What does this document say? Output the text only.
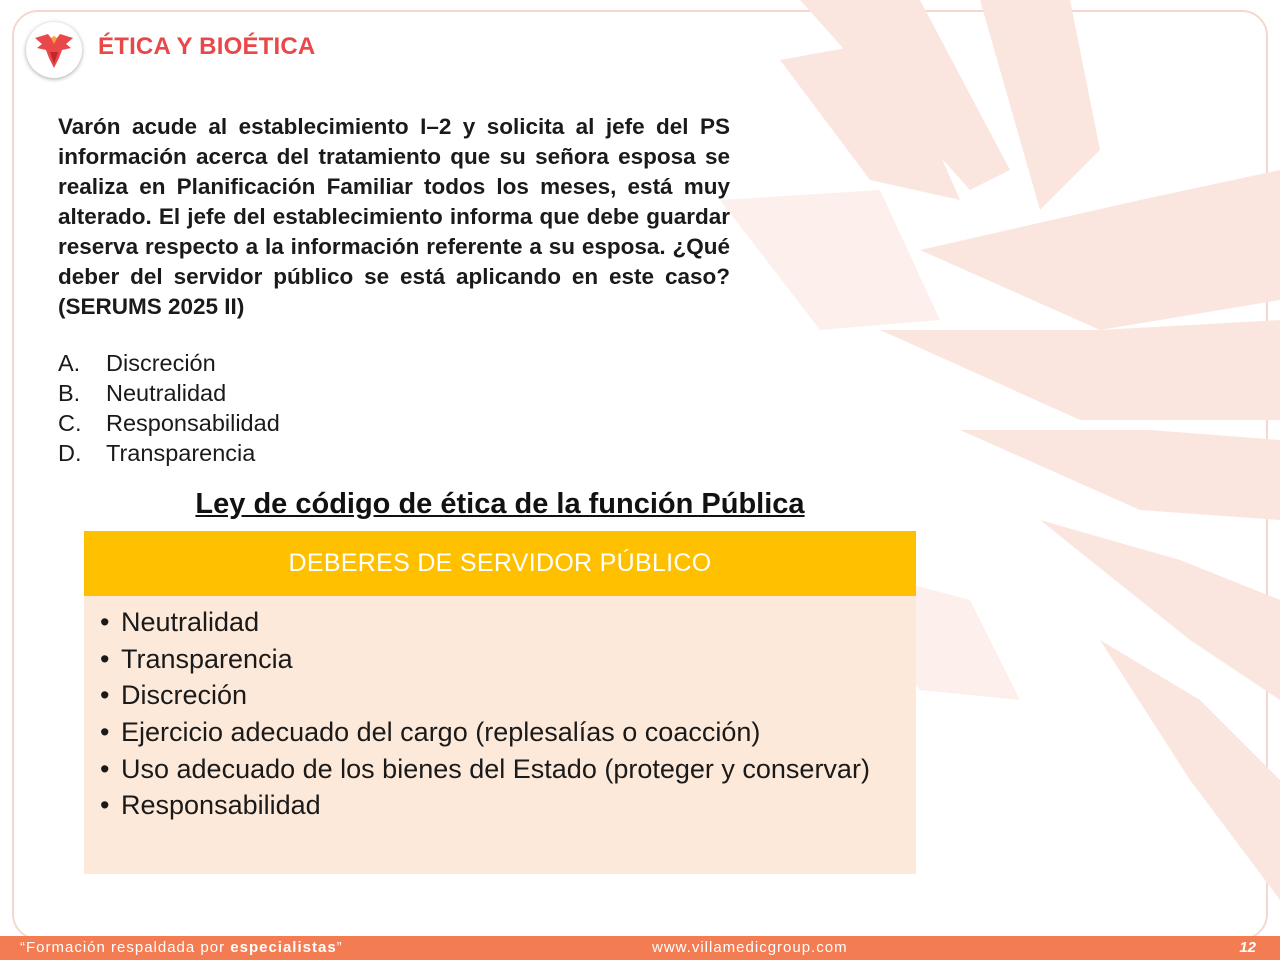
ÉTICA Y BIOÉTICA
Varón acude al establecimiento I–2 y solicita al jefe del PS información acerca del tratamiento que su señora esposa se realiza en Planificación Familiar todos los meses, está muy alterado. El jefe del establecimiento informa que debe guardar reserva respecto a la información referente a su esposa. ¿Qué deber del servidor público se está aplicando en este caso? (SERUMS 2025 II)
A.	Discreción
B.	Neutralidad
C.	Responsabilidad
D.	Transparencia
Ley de código de ética de la función Pública
DEBERES DE SERVIDOR PÚBLICO
• Neutralidad
• Transparencia
• Discreción
• Ejercicio adecuado del cargo (replesalías o coacción)
• Uso adecuado de los bienes del Estado (proteger y conservar)
• Responsabilidad
“Formación respaldada por especialistas”	www.villamedicgroup.com	12
